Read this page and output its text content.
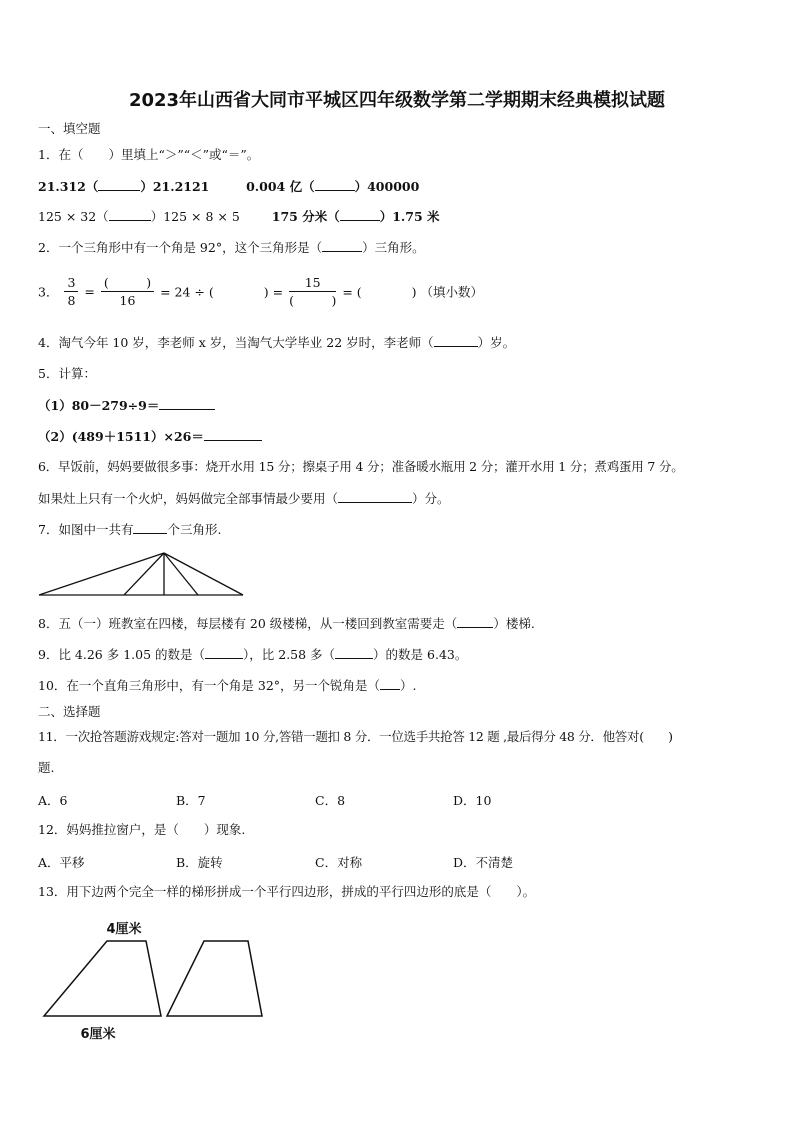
2023年山西省大同市平城区四年级数学第二学期期末经典模拟试题
一、填空题
1．在（　　）里填上“＞”“＜”或“＝”。
21.312（	）21.2121	0.004 亿（	）400000
125 × 32（	）125 × 8 × 5	175 分米（	）1.75 米
2．一个三角形中有一个角是 92°，这个三角形是（	）三角形。
3． $\frac{3}{8} = \frac{( )}{16} = 24$ ÷ (　　　　) = $\frac{15}{( )}$ = (　　　　) （填小数）
4．淘气今年 10 岁，李老师 x 岁，当淘气大学毕业 22 岁时，李老师（	）岁。
5．计算：
（1）80－279÷9＝
（2）(489＋1511）×26＝
6．早饭前，妈妈要做很多事：烧开水用 15 分；擦桌子用 4 分；准备暖水瓶用 2 分；灌开水用 1 分；煮鸡蛋用 7 分。
如果灶上只有一个火炉，妈妈做完全部事情最少要用（	）分。
7．如图中一共有	个三角形.
8．五（一）班教室在四楼，每层楼有 20 级楼梯，从一楼回到教室需要走（	）楼梯.
9．比 4.26 多 1.05 的数是（	），比 2.58 多（	）的数是 6.43。
10．在一个直角三角形中，有一个角是 32°，另一个锐角是（ ）.
二、选择题
11．一次抢答题游戏规定:答对一题加 10 分,答错一题扣 8 分．一位选手共抢答 12 题 ,最后得分 48 分．他答对(　　)
题.
A．6	B．7	C．8	D．10
12．妈妈推拉窗户，是（　　）现象.
A．平移	B．旋转	C．对称	D．不清楚
13．用下边两个完全一样的梯形拼成一个平行四边形，拼成的平行四边形的底是（　　）。
4厘米
6厘米
